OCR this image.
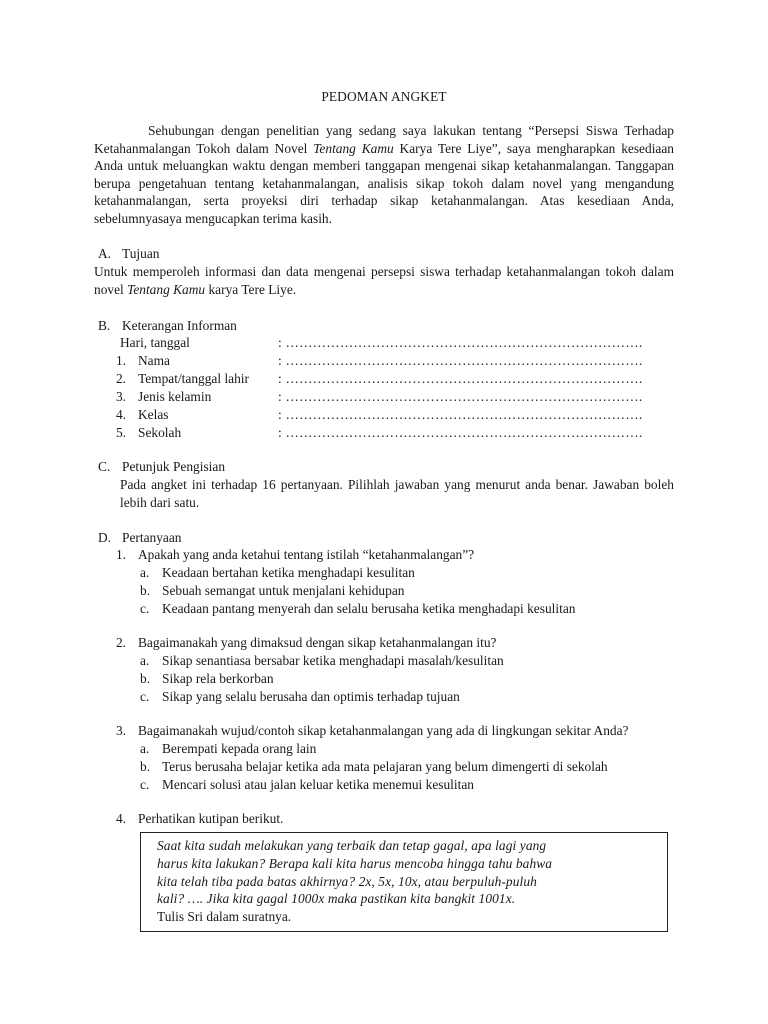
PEDOMAN ANGKET

Sehubungan dengan penelitian yang sedang saya lakukan tentang “Persepsi Siswa Terhadap Ketahanmalangan Tokoh dalam Novel Tentang Kamu Karya Tere Liye”, saya mengharapkan kesediaan Anda untuk meluangkan waktu dengan memberi tanggapan mengenai sikap ketahanmalangan. Tanggapan berupa pengetahuan tentang ketahanmalangan, analisis sikap tokoh dalam novel yang mengandung ketahanmalangan, serta proyeksi diri terhadap sikap ketahanmalangan. Atas kesediaan Anda, sebelumnyasaya mengucapkan terima kasih.

A. Tujuan

Untuk memperoleh informasi dan data mengenai persepsi siswa terhadap ketahanmalangan tokoh dalam novel Tentang Kamu karya Tere Liye.

B. Keterangan Informan
Hari, tanggal	: …………………………………………………………………….
1. Nama	: …………………………………………………………………….
2. Tempat/tanggal lahir : …………………………………………………………………….
3. Jenis kelamin	: …………………………………………………………………….
4. Kelas	: …………………………………………………………………….
5. Sekolah	: …………………………………………………………………….
C. Petunjuk Pengisian

Pada angket ini terhadap 16 pertanyaan. Pilihlah jawaban yang menurut anda benar. Jawaban boleh lebih dari satu.

D. Pertanyaan
1. Apakah yang anda ketahui tentang istilah “ketahanmalangan”?
a. Keadaan bertahan ketika menghadapi kesulitan
b. Sebuah semangat untuk menjalani kehidupan
c. Keadaan pantang menyerah dan selalu berusaha ketika menghadapi kesulitan
2. Bagaimanakah yang dimaksud dengan sikap ketahanmalangan itu?
a. Sikap senantiasa bersabar ketika menghadapi masalah/kesulitan
b. Sikap rela berkorban
c. Sikap yang selalu berusaha dan optimis terhadap tujuan
3. Bagaimanakah wujud/contoh sikap ketahanmalangan yang ada di lingkungan sekitar Anda?
a. Berempati kepada orang lain
b. Terus berusaha belajar ketika ada mata pelajaran yang belum dimengerti di sekolah
c. Mencari solusi atau jalan keluar ketika menemui kesulitan
4. Perhatikan kutipan berikut.

Saat kita sudah melakukan yang terbaik dan tetap gagal, apa lagi yang
harus kita lakukan? Berapa kali kita harus mencoba hingga tahu bahwa
kita telah tiba pada batas akhirnya? 2x, 5x, 10x, atau berpuluh-puluh
kali? …. Jika kita gagal 1000x maka pastikan kita bangkit 1001x.

Tulis Sri dalam suratnya.
